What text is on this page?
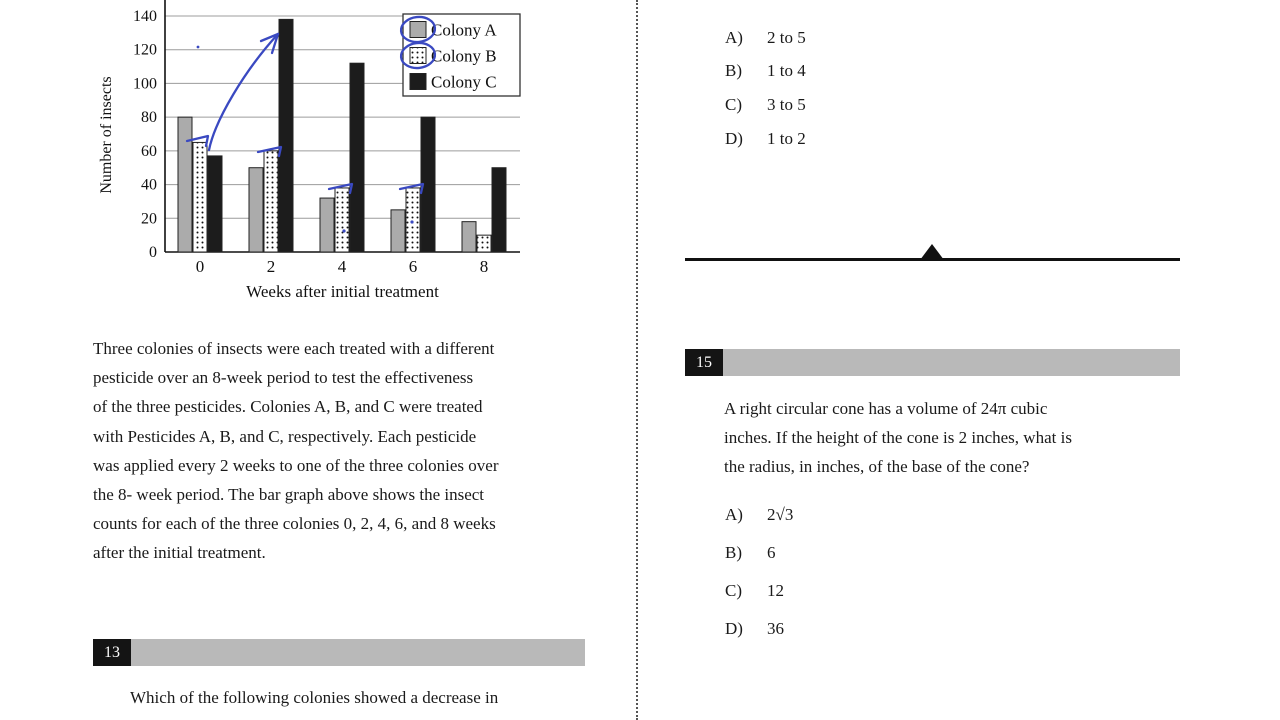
0
20
40
60
80
100
120
140
0	2	4	6	8
Weeks after initial treatment
Number of insects
Colony A
Colony B
Colony C
Three colonies of insects were each treated with a different
pesticide over an 8-week period to test the effectiveness
of the three pesticides. Colonies A, B, and C were treated
with Pesticides A, B, and C, respectively. Each pesticide
was applied every 2 weeks to one of the three colonies over
the 8- week period. The bar graph above shows the insect
counts for each of the three colonies 0, 2, 4, 6, and 8 weeks
after the initial treatment.
13
Which of the following colonies showed a decrease in
A)	2 to 5
B)	1 to 4
C)	3 to 5
D)	1 to 2
15
A right circular cone has a volume of 24π cubic
inches. If the height of the cone is 2 inches, what is
the radius, in inches, of the base of the cone?
A)	2√3
B)	6
C)	12
D)	36
